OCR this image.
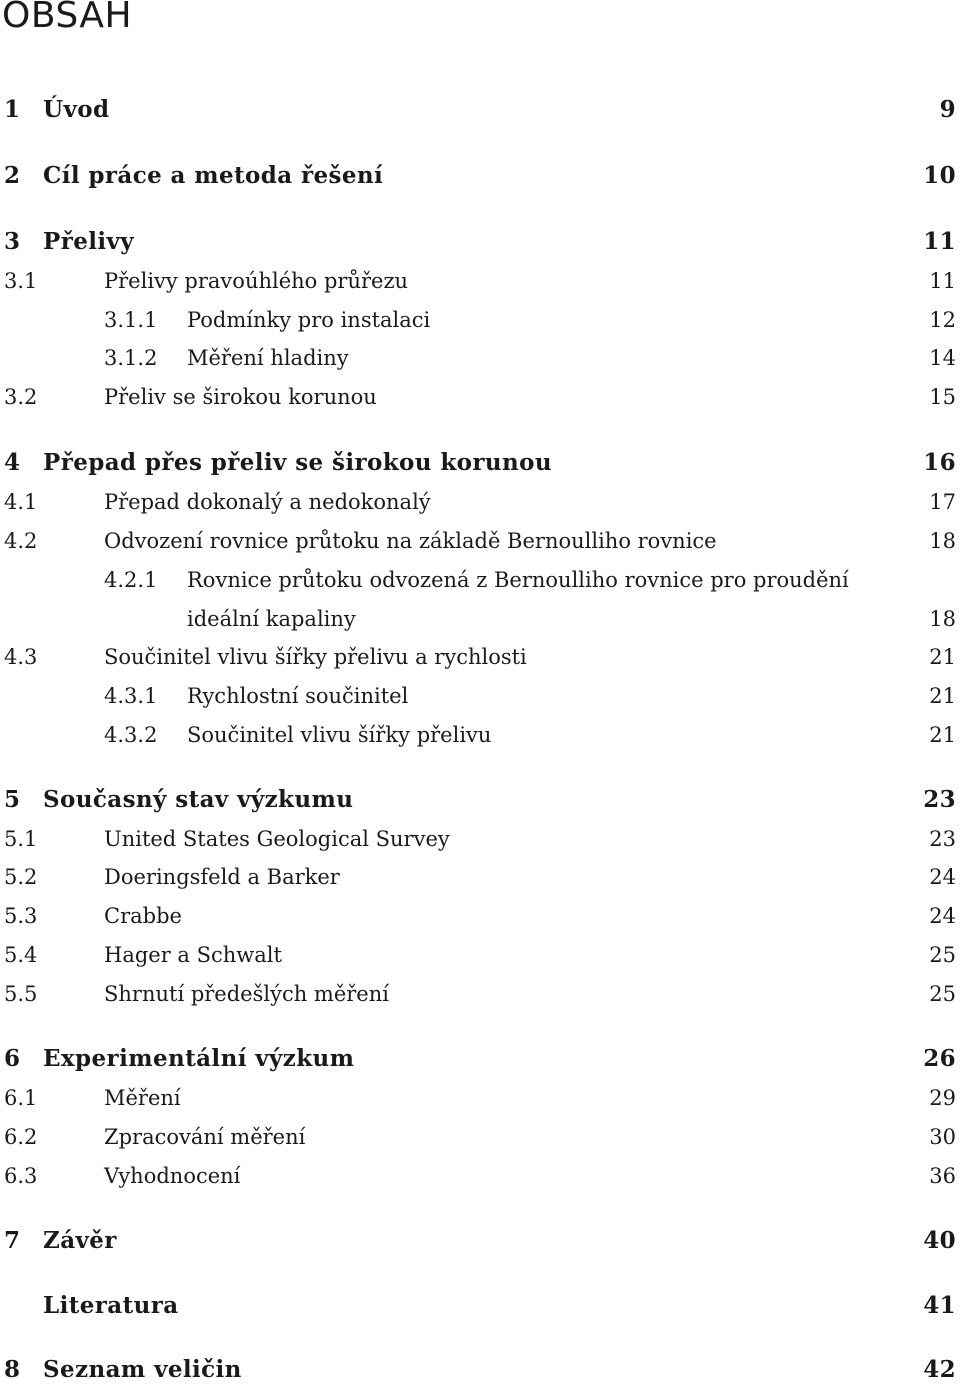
OBSAH
1 Úvod	9
2 Cíl práce a metoda řešení	10
3 Přelivy	11
3.1	Přelivy pravoúhlého průřezu	11
3.1.1 Podmínky pro instalaci	12
3.1.2 Měření hladiny	14
3.2	Přeliv se širokou korunou	15
4 Přepad přes přeliv se širokou korunou	16
4.1	Přepad dokonalý a nedokonalý	17
4.2	Odvození rovnice průtoku na základě Bernoulliho rovnice	18
4.2.1 Rovnice průtoku odvozená z Bernoulliho rovnice pro proudění
ideální kapaliny	18
4.3	Součinitel vlivu šířky přelivu a rychlosti	21
4.3.1 Rychlostní součinitel	21
4.3.2 Součinitel vlivu šířky přelivu	21
5 Současný stav výzkumu	23
5.1	United States Geological Survey	23
5.2	Doeringsfeld a Barker	24
5.3	Crabbe	24
5.4	Hager a Schwalt	25
5.5	Shrnutí předešlých měření	25
6 Experimentální výzkum	26
6.1	Měření	29
6.2	Zpracování měření	30
6.3	Vyhodnocení	36
7 Závěr	40
Literatura	41
8 Seznam veličin	42
